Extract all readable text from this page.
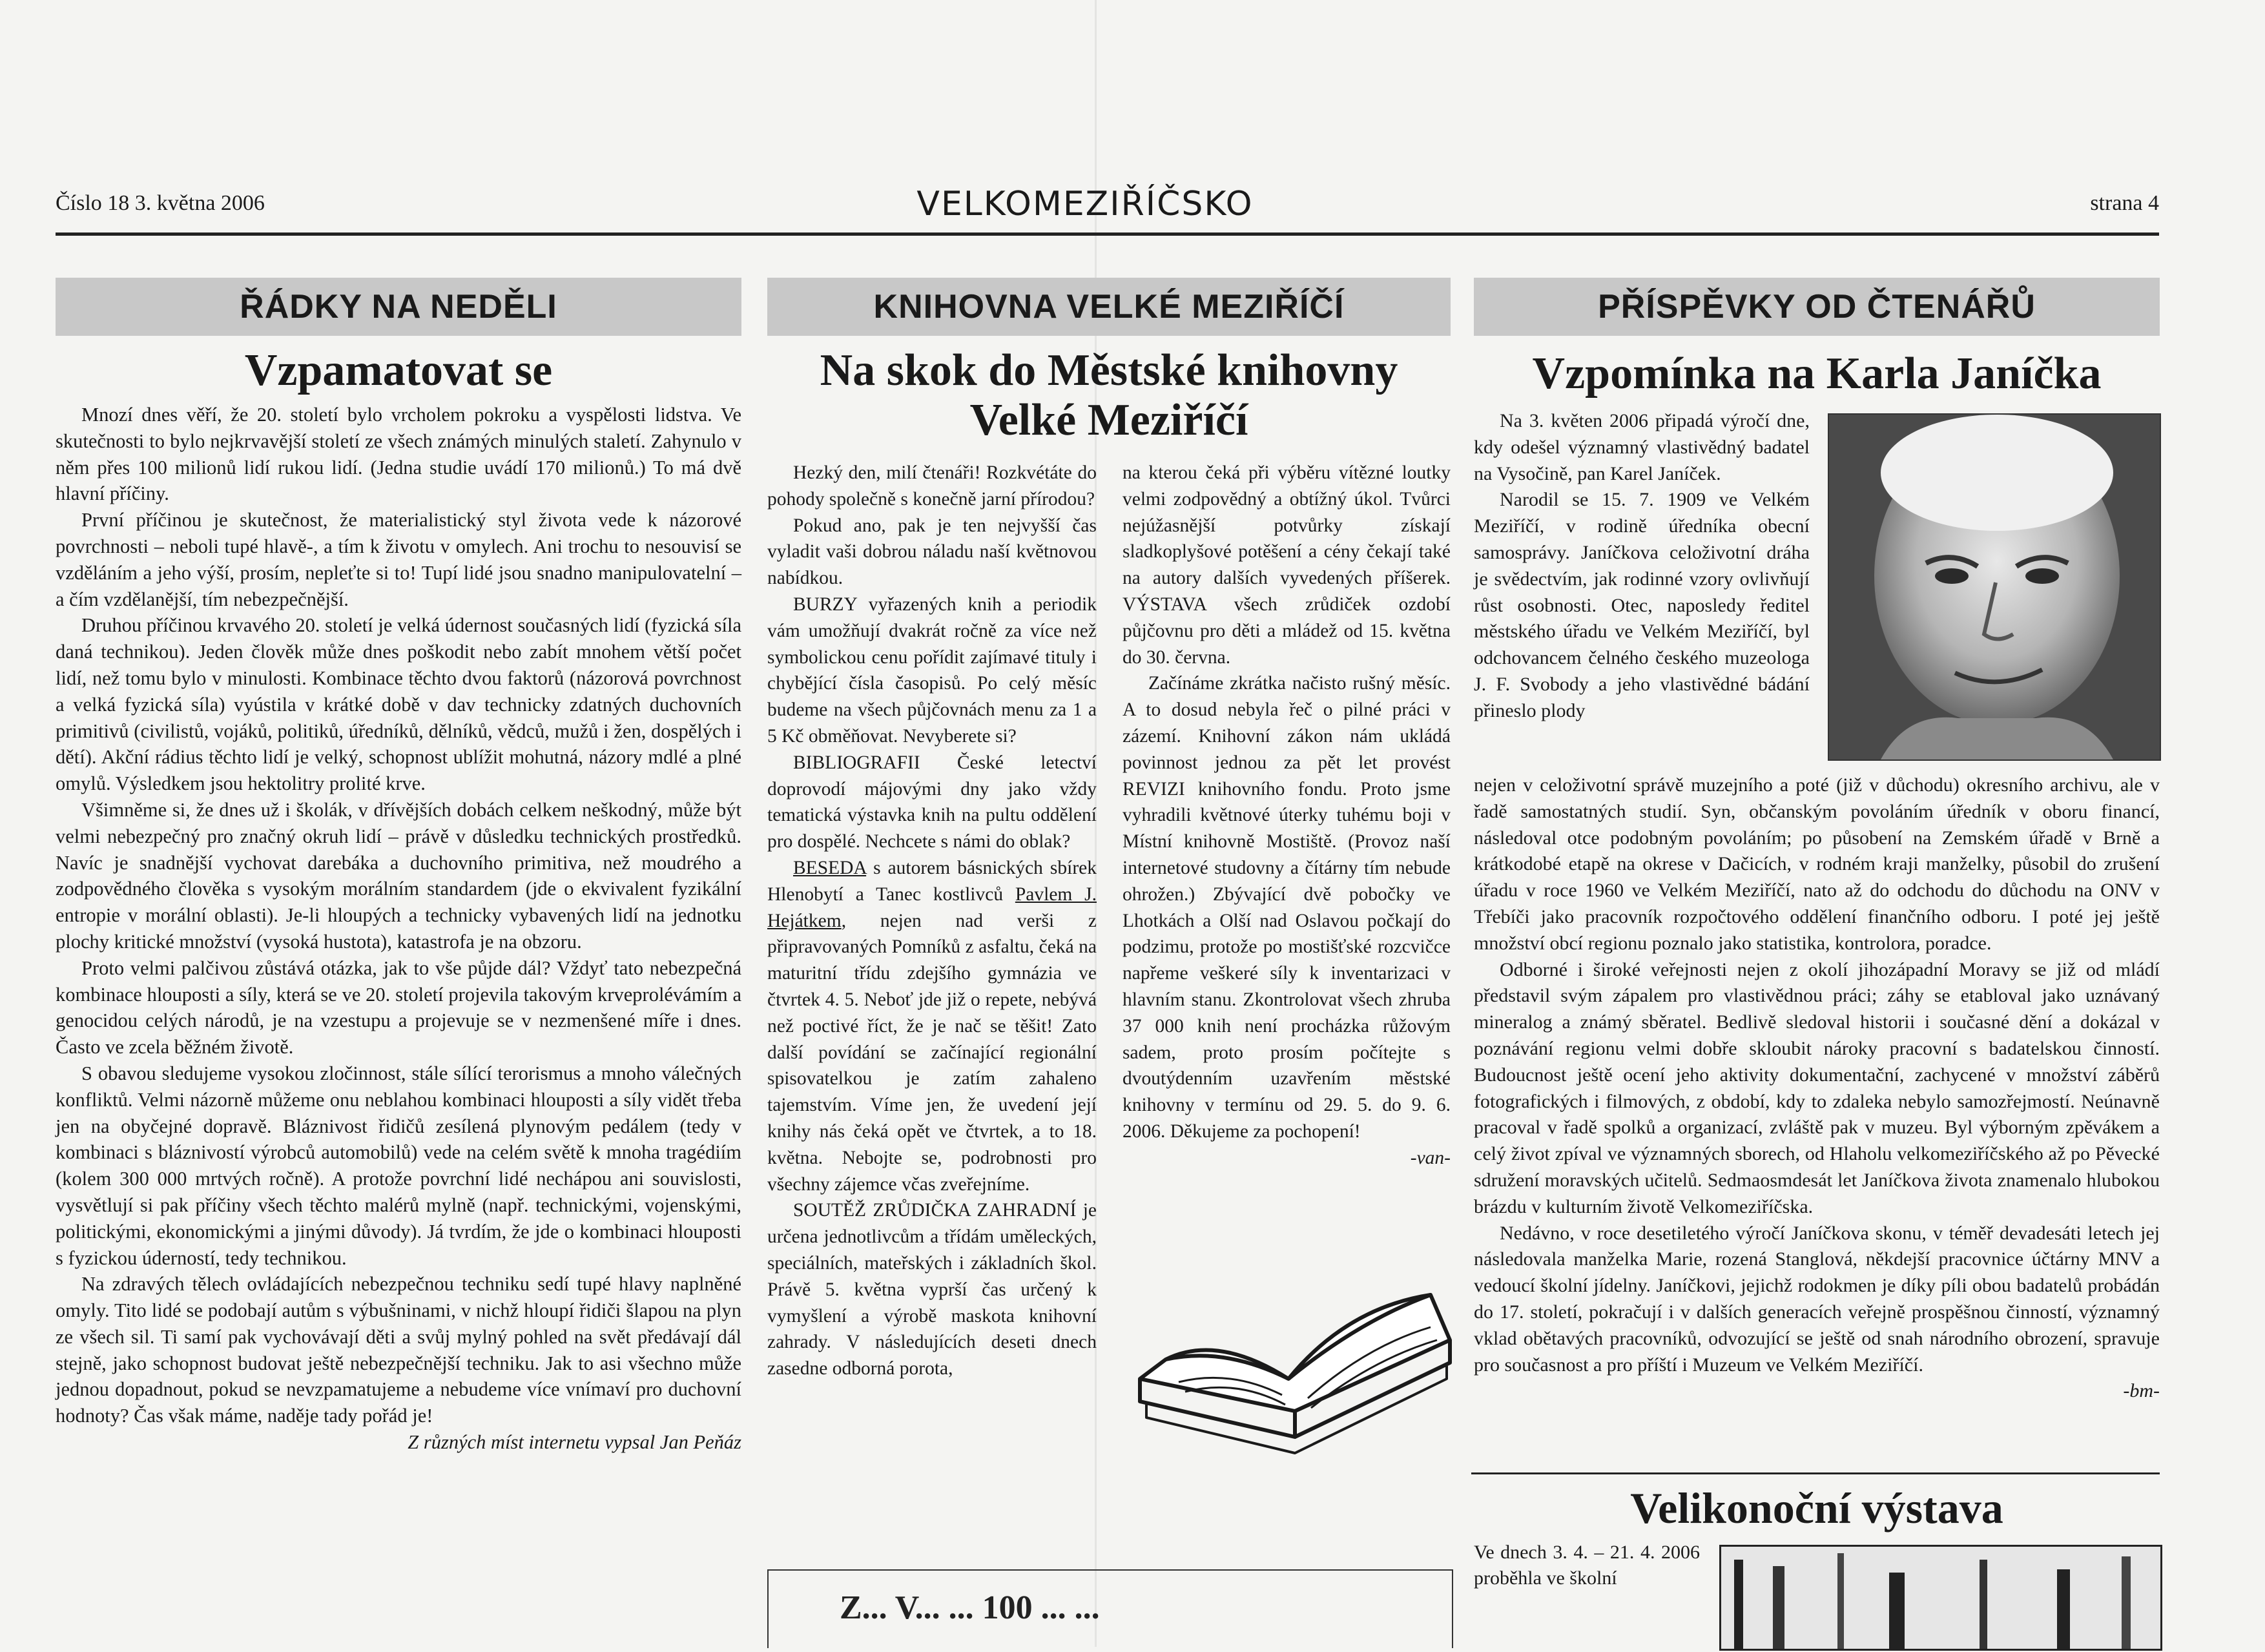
Číslo 18 3. května 2006	VELKOMEZIŘÍČSKO	strana 4
ŘÁDKY NA NEDĚLI
Vzpamatovat se

Mnozí dnes věří, že 20. století bylo vrcholem pokroku a vyspělosti lidstva. Ve skutečnosti to bylo nejkrvavější století ze všech známých minulých staletí. Zahynulo v něm přes 100 milionů lidí rukou lidí. (Jedna studie uvádí 170 milionů.) To má dvě hlavní příčiny.

První příčinou je skutečnost, že materialistický styl života vede k názorové povrchnosti – neboli tupé hlavě-, a tím k životu v omylech. Ani trochu to nesouvisí se vzděláním a jeho výší, prosím, nepleťte si to! Tupí lidé jsou snadno manipulovatelní – a čím vzdělanější, tím nebezpečnější.

Druhou příčinou krvavého 20. století je velká údernost současných lidí (fyzická síla daná technikou). Jeden člověk může dnes poškodit nebo zabít mnohem větší počet lidí, než tomu bylo v minulosti. Kombinace těchto dvou faktorů (názorová povrchnost a velká fyzická síla) vyústila v krátké době v dav technicky zdatných duchovních primitivů (civilistů, vojáků, politiků, úředníků, dělníků, vědců, mužů i žen, dospělých i dětí). Akční rádius těchto lidí je velký, schopnost ublížit mohutná, názory mdlé a plné omylů. Výsledkem jsou hektolitry prolité krve.

Všimněme si, že dnes už i školák, v dřívějších dobách celkem neškodný, může být velmi nebezpečný pro značný okruh lidí – právě v důsledku technických prostředků. Navíc je snadnější vychovat darebáka a duchovního primitiva, než moudrého a zodpovědného člověka s vysokým morálním standardem (jde o ekvivalent fyzikální entropie v morální oblasti). Je-li hloupých a technicky vybavených lidí na jednotku plochy kritické množství (vysoká hustota), katastrofa je na obzoru.

Proto velmi palčivou zůstává otázka, jak to vše půjde dál? Vždyť tato nebezpečná kombinace hlouposti a síly, která se ve 20. století projevila takovým krveprolévámím a genocidou celých národů, je na vzestupu a projevuje se v nezmenšené míře i dnes. Často ve zcela běžném životě.

S obavou sledujeme vysokou zločinnost, stále sílící terorismus a mnoho válečných konfliktů. Velmi názorně můžeme onu neblahou kombinaci hlouposti a síly vidět třeba jen na obyčejné dopravě. Bláznivost řidičů zesílená plynovým pedálem (tedy v kombinaci s bláznivostí výrobců automobilů) vede na celém světě k mnoha tragédiím (kolem 300 000 mrtvých ročně). A protože povrchní lidé nechápou ani souvislosti, vysvětlují si pak příčiny všech těchto malérů mylně (např. technickými, vojenskými, politickými, ekonomickými a jinými důvody). Já tvrdím, že jde o kombinaci hlouposti s fyzickou úderností, tedy technikou.

Na zdravých tělech ovládajících nebezpečnou techniku sedí tupé hlavy naplněné omyly. Tito lidé se podobají autům s výbušninami, v nichž hloupí řidiči šlapou na plyn ze všech sil. Ti samí pak vychovávají děti a svůj mylný pohled na svět předávají dál stejně, jako schopnost budovat ještě nebezpečnější techniku. Jak to asi všechno může jednou dopadnout, pokud se nevzpamatujeme a nebudeme více vnímaví pro duchovní hodnoty? Čas však máme, naděje tady pořád je!

Z různých míst internetu vypsal Jan Peňáz
KNIHOVNA VELKÉ MEZIŘÍČÍ
Na skok do Městské knihovny Velké Meziříčí

Hezký den, milí čtenáři! Rozkvétáte do pohody společně s konečně jarní přírodou?

Pokud ano, pak je ten nejvyšší čas vyladit vaši dobrou náladu naší květnovou nabídkou.

BURZY vyřazených knih a periodik vám umožňují dvakrát ročně za více než symbolickou cenu pořídit zajímavé tituly i chybějící čísla časopisů. Po celý měsíc budeme na všech půjčovnách menu za 1 a 5 Kč obměňovat. Nevyberete si?

BIBLIOGRAFII České letectví doprovodí májovými dny jako vždy tematická výstavka knih na pultu oddělení pro dospělé. Nechcete s námi do oblak?

BESEDA s autorem básnických sbírek Hlenobytí a Tanec kostlivců Pavlem J. Hejátkem, nejen nad verši z připravovaných Pomníků z asfaltu, čeká na maturitní třídu zdejšího gymnázia ve čtvrtek 4. 5. Neboť jde již o repete, nebývá než poctivé říct, že je nač se těšit! Zato další povídání se začínající regionální spisovatelkou je zatím zahaleno tajemstvím. Víme jen, že uvedení její knihy nás čeká opět ve čtvrtek, a to 18. května. Nebojte se, podrobnosti pro všechny zájemce včas zveřejníme.

SOUTĚŽ ZRŮDIČKA ZAHRADNÍ je určena jednotlivcům a třídám uměleckých, speciálních, mateřských i základních škol. Právě 5. května vyprší čas určený k vymyšlení a výrobě maskota knihovní zahrady. V následujících deseti dnech zasedne odborná porota,

na kterou čeká při výběru vítězné loutky velmi zodpovědný a obtížný úkol. Tvůrci nejúžasnější potvůrky získají sladkoplyšové potěšení a cény čekají také na autory dalších vyvedených příšerek. VÝSTAVA všech zrůdiček ozdobí půjčovnu pro děti a mládež od 15. května do 30. června.

Začínáme zkrátka načisto rušný měsíc. A to dosud nebyla řeč o pilné práci v zázemí. Knihovní zákon nám ukládá povinnost jednou za pět let provést REVIZI knihovního fondu. Proto jsme vyhradili květnové úterky tuhému boji v Místní knihovně Mostiště. (Provoz naší internetové studovny a čítárny tím nebude ohrožen.) Zbývající dvě pobočky ve Lhotkách a Olší nad Oslavou počkají do podzimu, protože po mostišťské rozcvičce napřeme veškeré síly k inventarizaci v hlavním stanu. Zkontrolovat všech zhruba 37 000 knih není procházka růžovým sadem, proto prosím počítejte s dvoutýdenním uzavřením městské knihovny v termínu od 29. 5. do 9. 6. 2006. Děkujeme za pochopení!

-van-
Z... V... ... 100 ... ...
PŘÍSPĚVKY OD ČTENÁŘŮ
Vzpomínka na Karla Janíčka

Na 3. květen 2006 připadá výročí dne, kdy odešel významný vlastivědný badatel na Vysočině, pan Karel Janíček.

Narodil se 15. 7. 1909 ve Velkém Meziříčí, v rodině úředníka obecní samosprávy. Janíčkova celoživotní dráha je svědectvím, jak rodinné vzory ovlivňují růst osobnosti. Otec, naposledy ředitel městského úřadu ve Velkém Meziříčí, byl odchovancem čelného českého muzeologa J. F. Svobody a jeho vlastivědné bádání přineslo plody

nejen v celoživotní správě muzejního a poté (již v důchodu) okresního archivu, ale v řadě samostatných studií. Syn, občanským povoláním úředník v oboru financí, následoval otce podobným povoláním; po působení na Zemském úřadě v Brně a krátkodobé etapě na okrese v Dačicích, v rodném kraji manželky, působil do zrušení úřadu v roce 1960 ve Velkém Meziříčí, nato až do odchodu do důchodu na ONV v Třebíči jako pracovník rozpočtového oddělení finančního odboru. I poté jej ještě množství obcí regionu poznalo jako statistika, kontrolora, poradce.

Odborné i široké veřejnosti nejen z okolí jihozápadní Moravy se již od mládí představil svým zápalem pro vlastivědnou práci; záhy se etabloval jako uznávaný mineralog a známý sběratel. Bedlivě sledoval historii i současné dění a dokázal v poznávání regionu velmi dobře skloubit nároky pracovní s badatelskou činností. Budoucnost ještě ocení jeho aktivity dokumentační, zachycené v množství záběrů fotografických i filmových, z období, kdy to zdaleka nebylo samozřejmostí. Neúnavně pracoval v řadě spolků a organizací, zvláště pak v muzeu. Byl výborným zpěvákem a celý život zpíval ve významných sborech, od Hlaholu velkomeziříčského až po Pěvecké sdružení moravských učitelů. Sedmaosmdesát let Janíčkova života znamenalo hlubokou brázdu v kulturním životě Velkomeziříčska.

Nedávno, v roce desetiletého výročí Janíčkova skonu, v téměř devadesáti letech jej následovala manželka Marie, rozená Stanglová, někdejší pracovnice účtárny MNV a vedoucí školní jídelny. Janíčkovi, jejichž rodokmen je díky píli obou badatelů probádán do 17. století, pokračují i v dalších generacích veřejně prospěšnou činností, významný vklad obětavých pracovníků, odvozující se ještě od snah národního obrození, spravuje pro současnost a pro příští i Muzeum ve Velkém Meziříčí.

-bm-
Velikonoční výstava

Ve dnech 3. 4. – 21. 4. 2006 proběhla ve školní
